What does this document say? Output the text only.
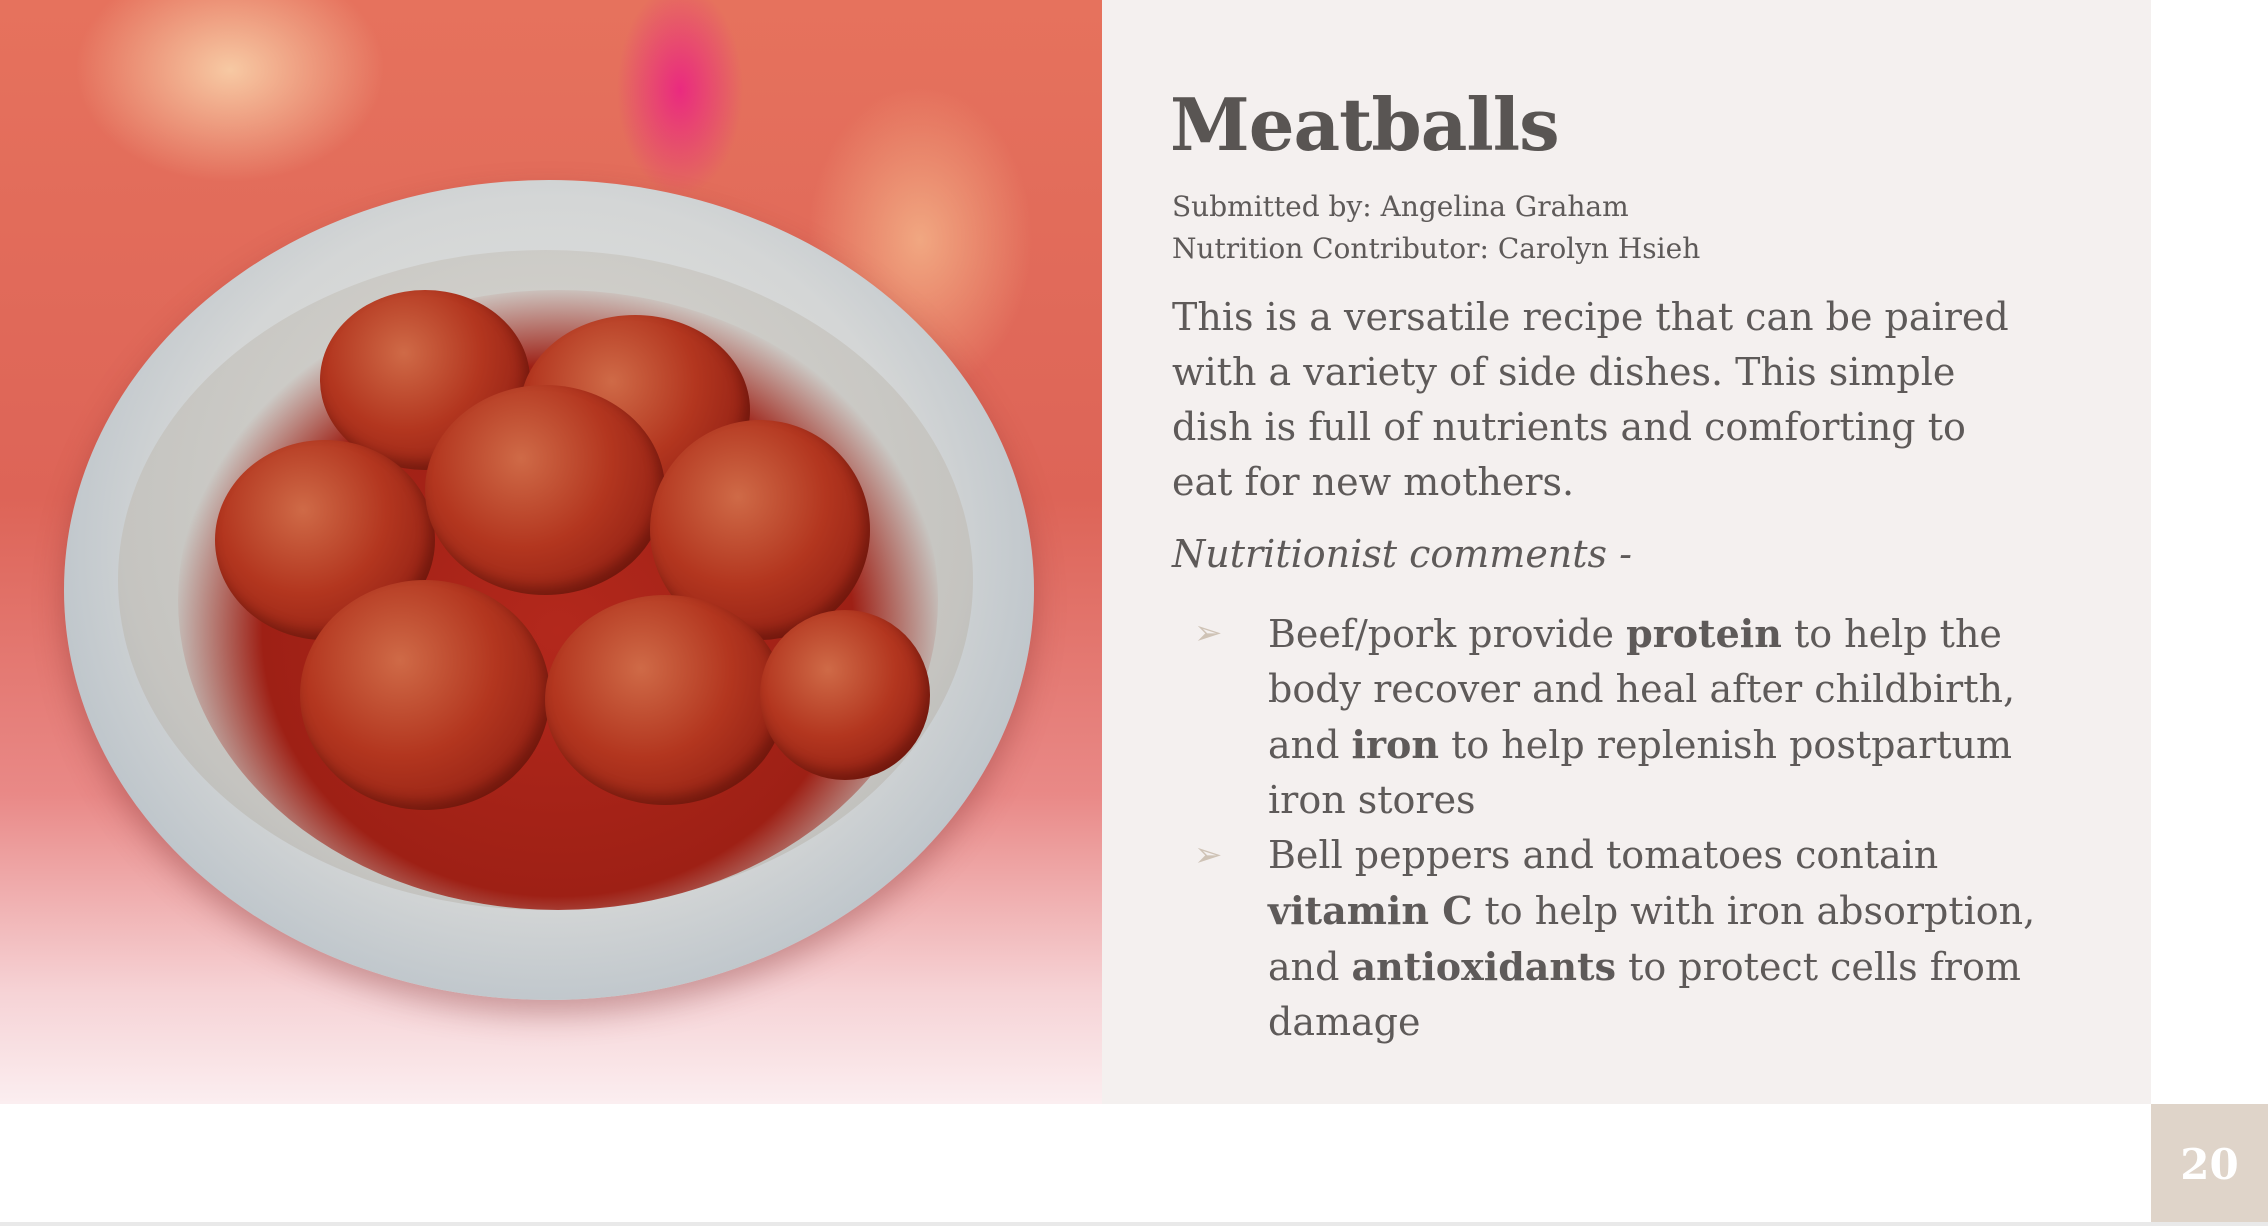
Meatballs
Submitted by: Angelina Graham
Nutrition Contributor: Carolyn Hsieh

This is a versatile recipe that can be paired with a variety of side dishes. This simple dish is full of nutrients and comforting to eat for new mothers.

Nutritionist comments -

➢	Beef/pork provide protein to help the body recover and heal after childbirth, and iron to help replenish postpartum iron stores
➢	Bell peppers and tomatoes contain vitamin C to help with iron absorption, and antioxidants to protect cells from damage
20
